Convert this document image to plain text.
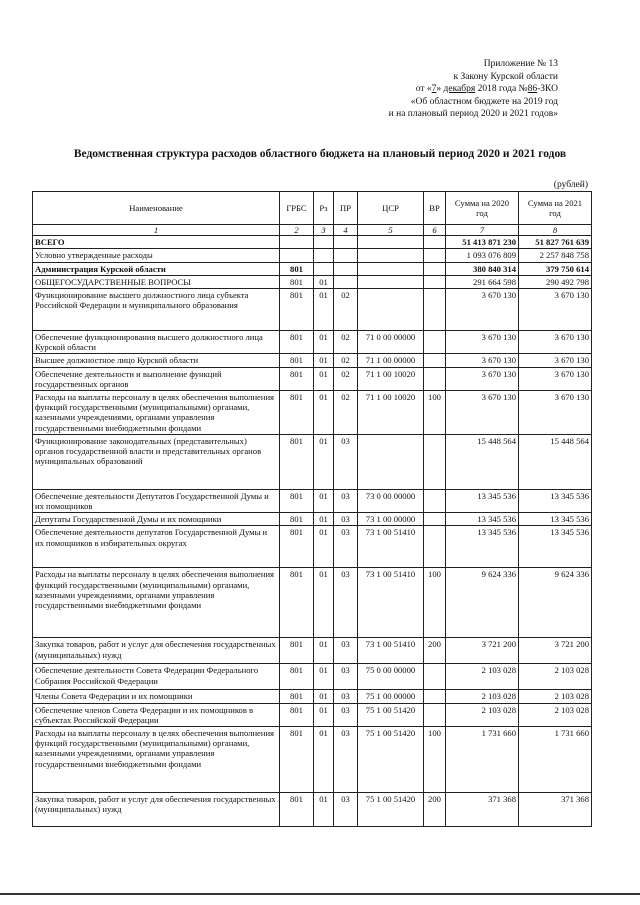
Приложение № 13
к Закону Курской области
от «7» декабря 2018 года №86-ЗКО
«Об областном бюджете на 2019 год
и на плановый период 2020 и 2021 годов»
Ведомственная структура расходов областного бюджета на плановый период 2020 и 2021 годов
(рублей)
Наименование	ГРБС	Рз	ПР	ЦСР	ВР	Сумма на 2020 год	Сумма на 2021 год
1	2	3	4	5	6	7	8
ВСЕГО						51 413 871 230	51 827 761 639
Условно утвержденные расходы						1 093 076 809	2 257 848 758
Администрация Курской области	801					380 840 314	379 750 614
ОБЩЕГОСУДАРСТВЕННЫЕ ВОПРОСЫ	801	01				291 664 598	290 492 798
Функционирование высшего должностного лица субъекта Российской Федерации и муниципального образования	801	01	02			3 670 130	3 670 130
Обеспечение функционирования высшего должностного лица Курской области	801	01	02	71 0 00 00000		3 670 130	3 670 130
Высшее должностное лицо Курской области	801	01	02	71 1 00 00000		3 670 130	3 670 130
Обеспечение деятельности и выполнение функций государственных органов	801	01	02	71 1 00 10020		3 670 130	3 670 130
Расходы на выплаты персоналу в целях обеспечения выполнения функций государственными (муниципальными) органами, казенными учреждениями, органами управления государственными внебюджетными фондами	801	01	02	71 1 00 10020	100	3 670 130	3 670 130
Функционирование законодательных (представительных) органов государственной власти и представительных органов муниципальных образований	801	01	03			15 448 564	15 448 564
Обеспечение деятельности Депутатов Государственной Думы и их помощников	801	01	03	73 0 00 00000		13 345 536	13 345 536
Депутаты Государственной Думы и их помощники	801	01	03	73 1 00 00000		13 345 536	13 345 536
Обеспечение деятельности депутатов Государственной Думы и их помощников в избирательных округах	801	01	03	73 1 00 51410		13 345 536	13 345 536
Расходы на выплаты персоналу в целях обеспечения выполнения функций государственными (муниципальными) органами, казенными учреждениями, органами управления государственными внебюджетными фондами	801	01	03	73 1 00 51410	100	9 624 336	9 624 336
Закупка товаров, работ и услуг для обеспечения государственных (муниципальных) нужд	801	01	03	73 1 00 51410	200	3 721 200	3 721 200
Обеспечение деятельности Совета Федерации Федерального Собрания Российской Федерации	801	01	03	75 0 00 00000		2 103 028	2 103 028
Члены Совета Федерации и их помощники	801	01	03	75 1 00 00000		2 103 028	2 103 028
Обеспечение членов Совета Федерации и их помощников в субъектах Российской Федерации	801	01	03	75 1 00 51420		2 103 028	2 103 028
Расходы на выплаты персоналу в целях обеспечения выполнения функций государственными (муниципальными) органами, казенными учреждениями, органами управления государственными внебюджетными фондами	801	01	03	75 1 00 51420	100	1 731 660	1 731 660
Закупка товаров, работ и услуг для обеспечения государственных (муниципальных) нужд	801	01	03	75 1 00 51420	200	371 368	371 368
